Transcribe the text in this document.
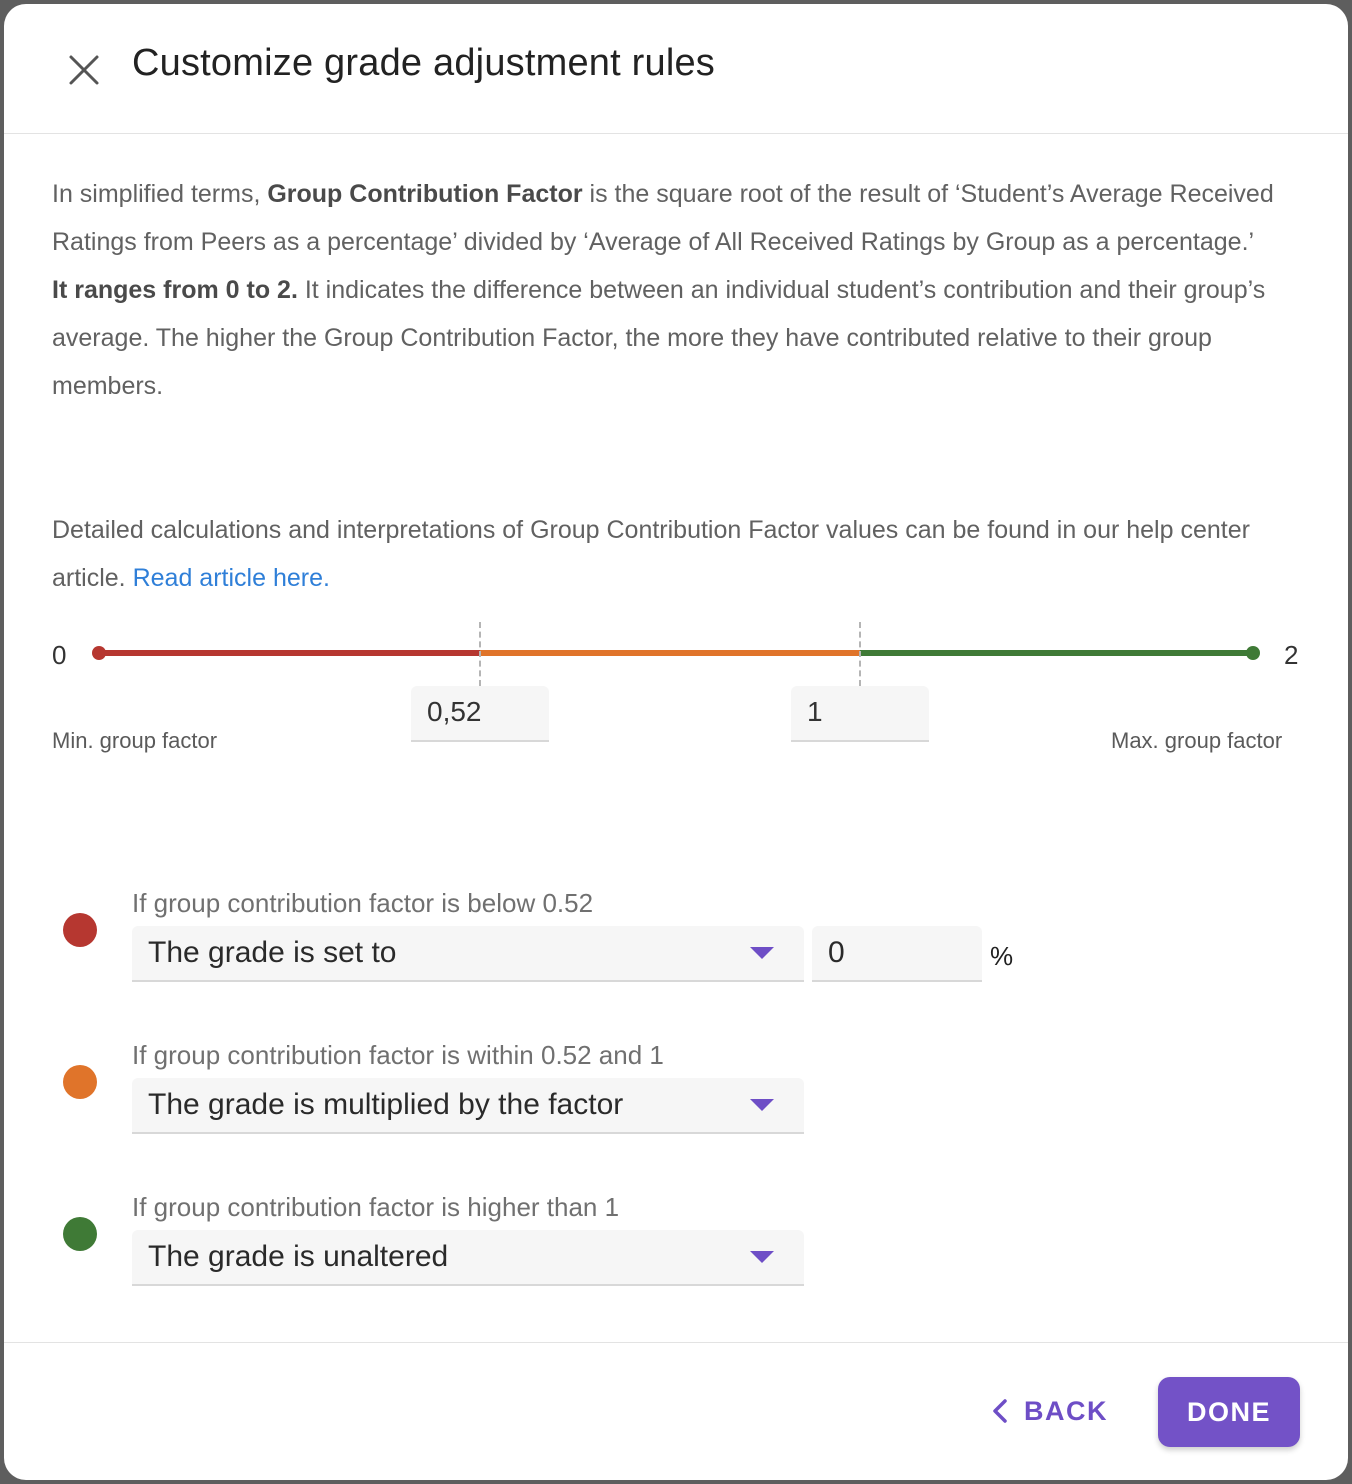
Customize grade adjustment rules
In simplified terms, Group Contribution Factor is the square root of the result of ‘Student’s Average Received Ratings from Peers as a percentage’ divided by ‘Average of All Received Ratings by Group as a percentage.’
It ranges from 0 to 2. It indicates the difference between an individual student’s contribution and their group’s average. The higher the Group Contribution Factor, the more they have contributed relative to their group members.
Detailed calculations and interpretations of Group Contribution Factor values can be found in our help center article. Read article here.
0	2
0,52	1
Min. group factor	Max. group factor
If group contribution factor is below 0.52
The grade is set to	0	%
If group contribution factor is within 0.52 and 1
The grade is multiplied by the factor
If group contribution factor is higher than 1
The grade is unaltered
BACK	DONE
